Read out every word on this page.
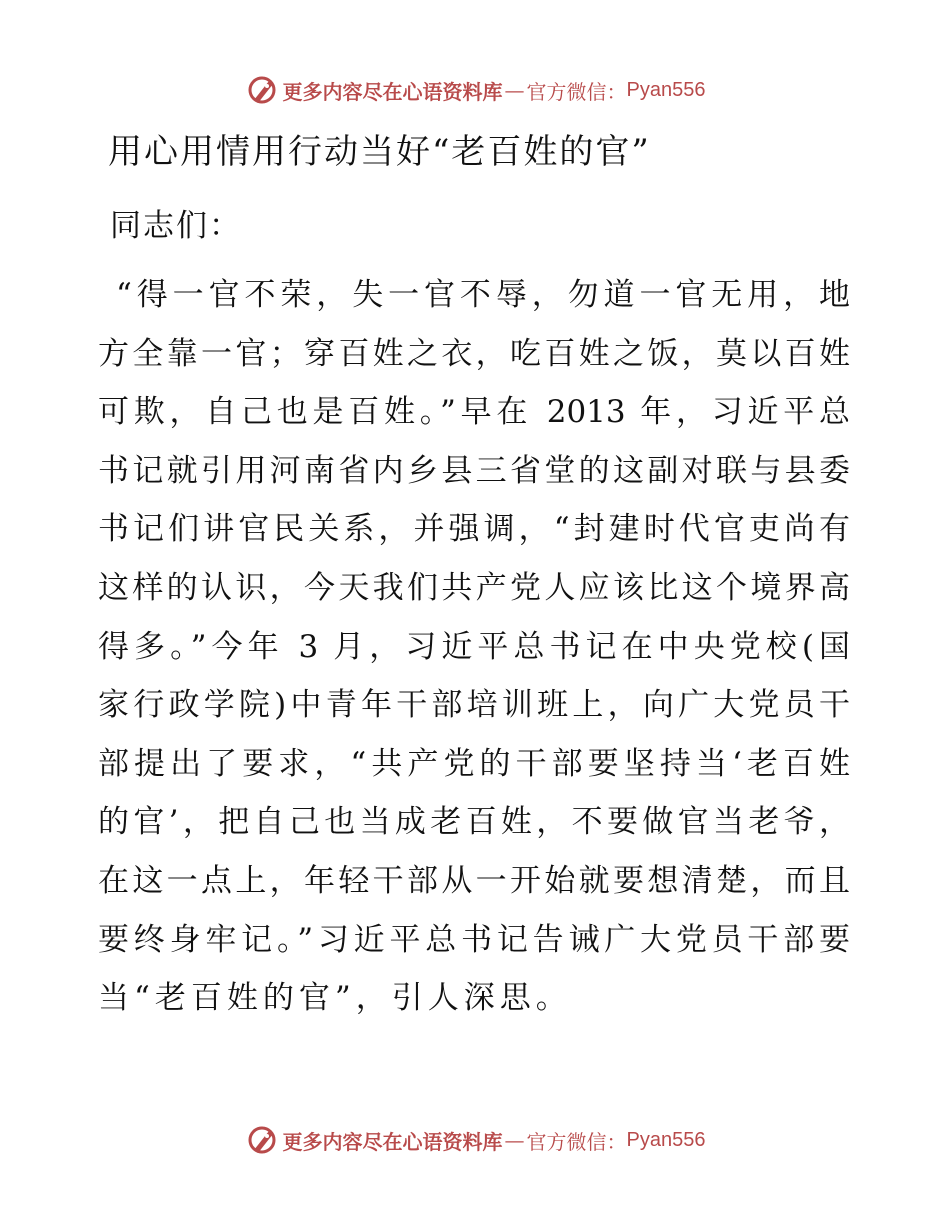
更多内容尽在心语资料库 — 官方微信： Pyan556
用心用情用行动当好“老百姓的官”
同志们：
“得一官不荣，失一官不辱，勿道一官无用，地
方全靠一官；穿百姓之衣，吃百姓之饭，莫以百姓
可欺，自己也是百姓。”早在 2013 年，习近平总
书记就引用河南省内乡县三省堂的这副对联与县委
书记们讲官民关系，并强调，“封建时代官吏尚有
这样的认识，今天我们共产党人应该比这个境界高
得多。”今年 3 月，习近平总书记在中央党校(国
家行政学院)中青年干部培训班上，向广大党员干
部提出了要求，“共产党的干部要坚持当‘老百姓
的官’，把自己也当成老百姓，不要做官当老爷，
在这一点上，年轻干部从一开始就要想清楚，而且
要终身牢记。”习近平总书记告诫广大党员干部要
当“老百姓的官”，引人深思。
更多内容尽在心语资料库 — 官方微信： Pyan556
